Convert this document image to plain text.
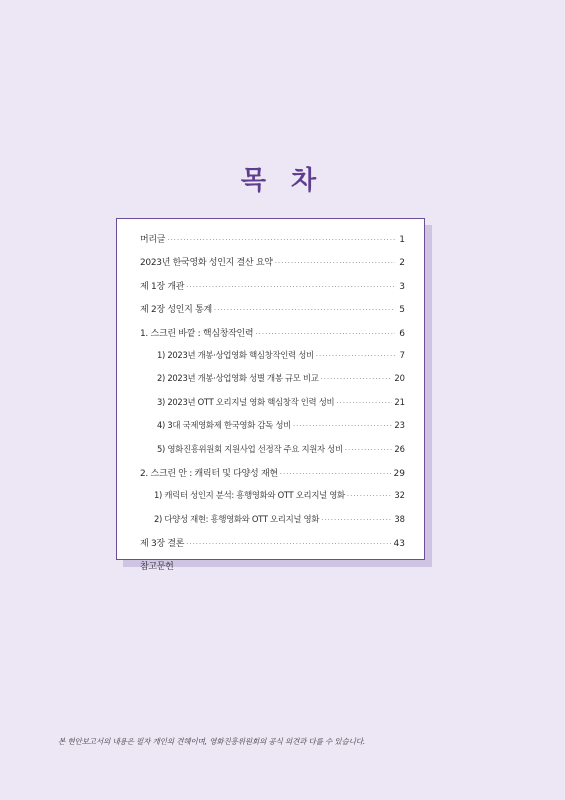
목 차
머리글 ·····	1
2023년 한국영화 성인지 결산 요약 ·····	2
제 1장 개관 ·····	3
제 2장 성인지 통계 ·····	5
1. 스크린 바깥 : 핵심창작인력 ·····	6
1) 2023년 개봉·상업영화 핵심창작인력 성비 ·····	7
2) 2023년 개봉·상업영화 성별 개봉 규모 비교 ·····	20
3) 2023년 OTT 오리지널 영화 핵심창작 인력 성비 ·····	21
4) 3대 국제영화제 한국영화 감독 성비 ·····	23
5) 영화진흥위원회 지원사업 선정작 주요 지원자 성비 ·····	26
2. 스크린 안 : 캐릭터 및 다양성 재현 ·····	29
1) 캐릭터 성인지 분석: 흥행영화와 OTT 오리지널 영화 ·····	32
2) 다양성 재현: 흥행영화와 OTT 오리지널 영화 ·····	38
제 3장 결론 ·····	43
참고문헌
본 현안보고서의 내용은 필자 개인의 견해이며, 영화진흥위원회의 공식 의견과 다를 수 있습니다.
